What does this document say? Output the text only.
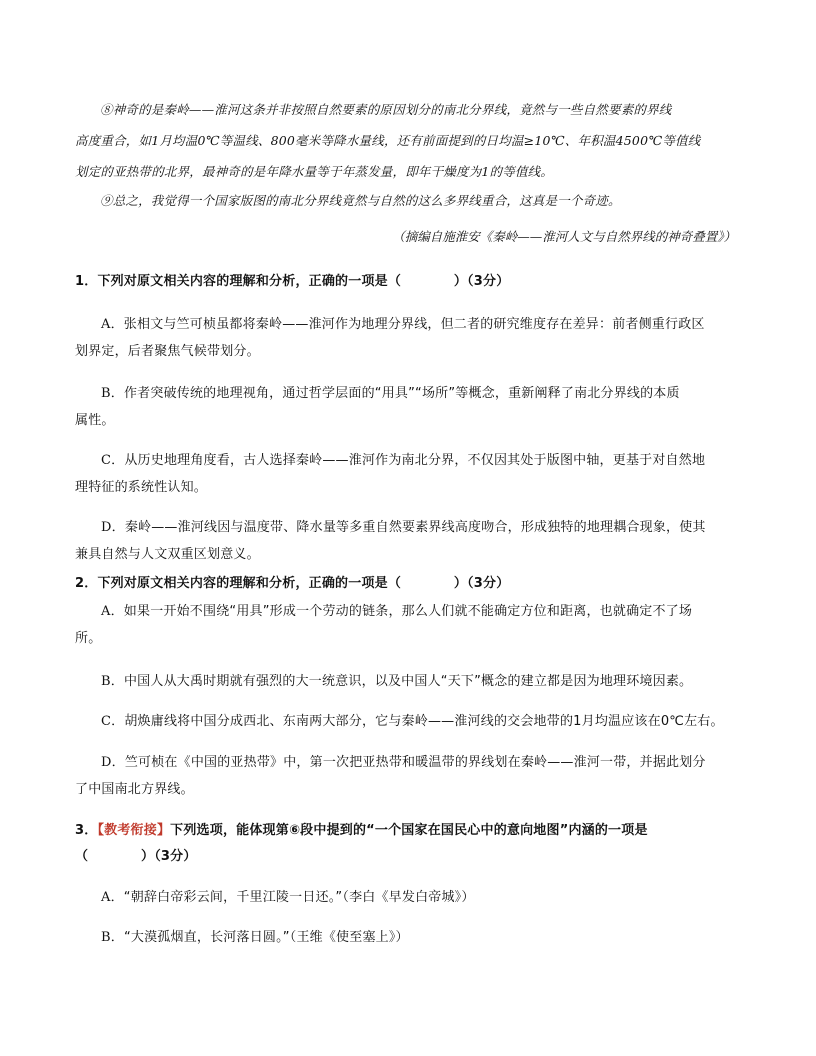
⑧神奇的是秦岭——淮河这条并非按照自然要素的原因划分的南北分界线，竟然与一些自然要素的界线
高度重合，如1月均温0℃等温线、800毫米等降水量线，还有前面提到的日均温≥10℃、年积温4500℃等值线
划定的亚热带的北界，最神奇的是年降水量等于年蒸发量，即年干燥度为1的等值线。
⑨总之，我觉得一个国家版图的南北分界线竟然与自然的这么多界线重合，这真是一个奇迹。
（摘编自施淮安《秦岭——淮河人文与自然界线的神奇叠置》）
1．下列对原文相关内容的理解和分析，正确的一项是（　　　　）（3分）
A．张相文与竺可桢虽都将秦岭——淮河作为地理分界线，但二者的研究维度存在差异：前者侧重行政区
划界定，后者聚焦气候带划分。
B．作者突破传统的地理视角，通过哲学层面的“用具”“场所”等概念，重新阐释了南北分界线的本质
属性。
C．从历史地理角度看，古人选择秦岭——淮河作为南北分界，不仅因其处于版图中轴，更基于对自然地
理特征的系统性认知。
D．秦岭——淮河线因与温度带、降水量等多重自然要素界线高度吻合，形成独特的地理耦合现象，使其
兼具自然与人文双重区划意义。
2．下列对原文相关内容的理解和分析，正确的一项是（　　　　）（3分）
A．如果一开始不围绕“用具”形成一个劳动的链条，那么人们就不能确定方位和距离，也就确定不了场
所。
B．中国人从大禹时期就有强烈的大一统意识，以及中国人“天下”概念的建立都是因为地理环境因素。
C．胡焕庸线将中国分成西北、东南两大部分，它与秦岭——淮河线的交会地带的1月均温应该在0℃左右。
D．竺可桢在《中国的亚热带》中，第一次把亚热带和暖温带的界线划在秦岭——淮河一带，并据此划分
了中国南北方界线。
3．【教考衔接】下列选项，能体现第⑥段中提到的“一个国家在国民心中的意向地图”内涵的一项是
（　　　　）（3分）
A．“朝辞白帝彩云间，千里江陵一日还。”（李白《早发白帝城》）
B．“大漠孤烟直，长河落日圆。”（王维《使至塞上》）
